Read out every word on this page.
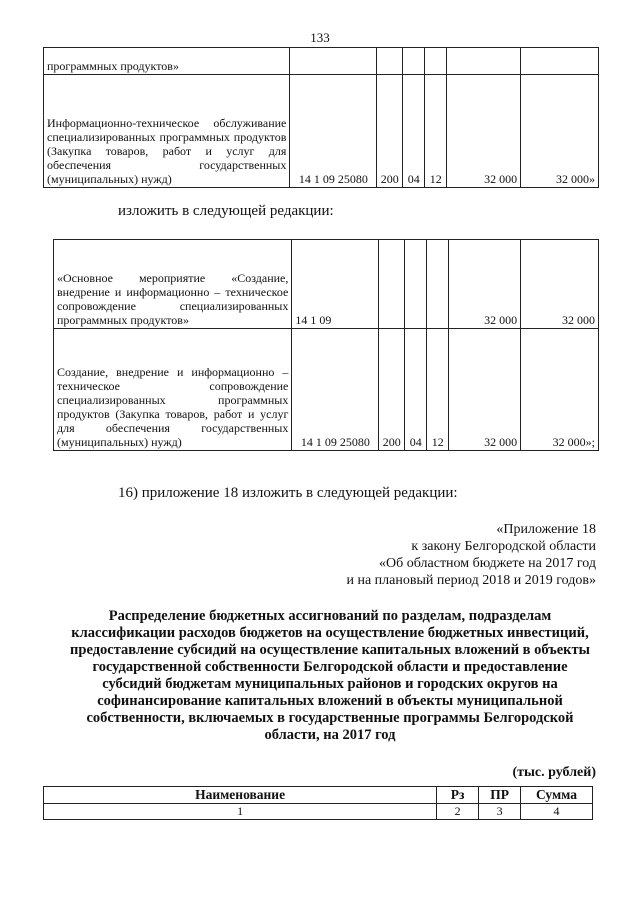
133
программных продуктов»						
Информационно-техническое обслуживание специализированных программных продуктов (Закупка товаров, работ и услуг для обеспечения государственных (муниципальных) нужд)	14 1 09 25080	200	04	12	32 000	32 000»
изложить в следующей редакции:
«Основное мероприятие «Создание, внедрение и информационно – техническое сопровождение специализированных программных продуктов»	14 1 09				32 000	32 000
Создание, внедрение и информационно – техническое сопровождение специализированных программных продуктов (Закупка товаров, работ и услуг для обеспечения государственных (муниципальных) нужд)	14 1 09 25080	200	04	12	32 000	32 000»;
16) приложение 18 изложить в следующей редакции:
«Приложение 18
к закону Белгородской области
«Об областном бюджете на 2017 год
и на плановый период 2018 и 2019 годов»
Распределение бюджетных ассигнований по разделам, подразделам классификации расходов бюджетов на осуществление бюджетных инвестиций, предоставление субсидий на осуществление капитальных вложений в объекты государственной собственности Белгородской области и предоставление субсидий бюджетам муниципальных районов и городских округов на софинансирование капитальных вложений в объекты муниципальной собственности, включаемых в государственные программы Белгородской области, на 2017 год
(тыс. рублей)
Наименование	Рз	ПР	Сумма
1	2	3	4
